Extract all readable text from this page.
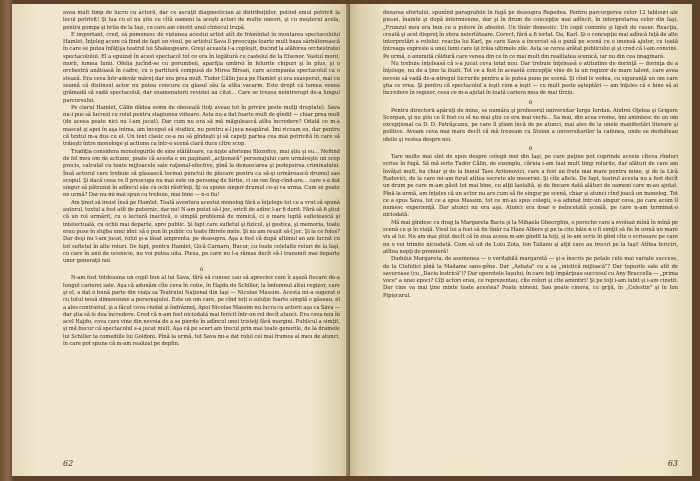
avea mult timp de lucru cu actorii, dar ce ascuţit diagnostician al distribuţiilor, putind emul potrivit la locul potrivit! Şi lua cu el nu ştiu cu cîtă oameni la aceşti actori de multe uneori, şi cu meşterul acela, pentru pompa şi brila de la Iaşi, cu care am cinstit unul cîntecul trupă.

E important, cred, să pomenesc de viziunea acestui artist atît de frămîntat în montarea spectacolului Hamlet. Înţeleg acum că fiind de fapt un visul, pe artistul Sava îl preocupa foarte mult baza sărbătorească în care se putea înfăţişa teatrul lui Shakespeare. Greşi aceasta l-a copleşit, ducind la alăbirea orchestratei spectacolului. El a epuizat în acest spectacol tot ce era în legătură cu castelul de la Elsenor. Vastul morii, morii, lumea Iunii. Ofelia jucînd-se cu porumbeii, apariţia umbrei în felurite chipuri şi în plus, şi o orchestră anătoasă în cadre, cu o partitură compusă de Mirea Bîrsan, care acompania spectacolul ca o stează. Era ceva într-adevăr măreţ dar era prea mult. Tudor Călin juca pe Hamlet şi era exasperat, mai cu seamă că distinsul actor nu putea concura cu glasul său la atîta vacarm. Este drept că lumea venea grămadă să vadă spectacolul, dar examenatorii reviziei au citat... Care se trezea neîntrerupt de-a lungul parcursului.

Pe clarul Hamlet, Călin dădea semn de oboseală (toţi aveau tot în privire peste mulţi dreptate). Sava nu-i pus să lucrezi cu rolul pentru stagiunea viitoare. Asta nu-a dat foarte mult de gîndit — chiar prea mult (de aceea poate nici nu l-am jucat). Dar cum nu era să mă măgulească atîta încredere? Odată ce m-a mascat şi apoi în aşa inima, am început să studiez, nu pentru a-l juca neapărat. Îmi ricoam eu, dar pentru că textul m-a dus cu el. Un text clasic ce-a nu să gîndeşti şi să capeţi partea cea mai potrivită în care să trăieşti între monologe şi actiune ca într-o scenă clară duce cître scop.

Tradiţia considera monologurile de sine stătătoare, ca nişte aforisme filozofice, mai ştiu şi eu... Nefiind de fel meu om de actiune, poate că acesta e un paşinant „acţionară" personajului care urmăreşte un scop precis, calculat cu toate mijloacele sale raţional-efective, pînă la demascarea şi pedepsirea criminalului. Însă actorul care trebuie să găsească tocmai punctul de plecare pentru ca să-şi urmărească drumul sau scopul. Şi dacă ceea ce îl preocupa nu mai este un personaj de hîrtie, ci un om lîng-cînd-are... care s-a dat singur să pătrunzi în adîncul său cu ochi răsfrînţi, îţi va spune singur drumul ce-şi va urma. Cum se poate ne urmă? Dar nu-mi mai spun cu trebuie, mai bine — n-o fiu!

Am ţinut să insist însă pe Hamlet. Toată aventura acestui monolog fără a înţelege tot ce a vrut să spună autorul, textul a fost atît de puternic, dar nu! N-am putut să-l joc, oricît de adînc l-ar fi dorit. Fără să fi ştiut că un rol urmărit, cu o lectură inactivă, o simplă problemă de mimică, ci o mare luptă sufletească şi intelectuală, cu ochii mai departe, spre public. Şi fapt care sufletul şi fizicul, şi gestica, şi memoria, toate erau puse în slujba unei idei: să o pun în public cu toate fibrele mele. Şi nu am reuşit să-l joc. Şi la ce folos? Dar deşi nu l-am jucat, rolul şi-a lăsat amprenta: pe deasupra. Aşa a fost că după ultimul an am lucrat cu tot sufletul în alte roluri. De fapt, pentru Hamlet, Gică Carnaru, Bucur, cu toate celelalte roluri de la Iaşi, cu care în anii de ucenicie, nu voi putea uita. Piesa, pe care nu l-a rămas decît să-l transmit mai departe unor generaţii noi.

o

N-am fost totdeauna un copil bun al lui Sava, fără să cunosc sau să apreciez cum îi aşază fiecare de-a lungul carierei sale. Aşa că adunăm cîte ceva în cutie, în Hajdu de Schiller, la îndemnul altui regizor, care şi el, a dat o bună parte din viaţa sa Teatrului Naţional din Iaşi — Nicolae Massim. Acesta mi-a sugerat o cu totul nouă dimensiune a personajului. Este un om care, pe cînd toţi o soluţie foarte simplă o găseau, el a ales contrariul, şi a făcut ceva ciudat şi îndrăzneţ. Apoi Nicolae Massim nu lucra cu actorii aşa ca Sava — dar ştia să le dea încredere. Cred că n-am fost niciodată mai fericit într-un rol decît atunci. Era ceva nou în acel Hajdu, ceva care vine din nevoia de a se pierde în adîncul unei tristeţi fără margini. Publicul a simţit, şi mă bucur că spectacolul s-a jucat mult. Aşa că pe scurt am trecut prin mai toate genurile, de la dramele lui Schiller la comediile lui Goldoni. Pînă la urmă, tot Sava mi-a dat rolul cel mai frumos al meu de atunci, în care pot spune că m-am realizat pe deplin.

62

dezarea efortului, spunînd paragrafele în fugă pe deasupra Repedea. Pentru parcurgerea celor 12 tablouri ale piesei, înainte şi după intermisiune, dar şi în drum de concepţie mai adîncit, în interpretarea celor din Iaşi. „Frunzul meu era bun cu o putere în absolut. Un tînăr domestic. Un copil cuminte şi lipsit de cusur. Reacţia, creată şi acel dispreţ în sfera neiertătoare. Corect, fără a fi iertat. Da, Karl. Şi o concepţie mai adîncă faţă de alte interpretări a rolului: reacţia lui Karl, pe care Sava a încercat să o pună pe scenă cu o imensă ajutor, cu toată întreaga expresie a unei lumi care îşi trăia ultimele zile. Asta se cerea arătat publicului şi şi cred că l-am convins. Pe urmă, o anumită căldură care venea din ce în ce mai mult din realitatea scenică, iar nu din cea imaginară.

Nu trebuie înţeleasă că s-a jucat ceva total nou. Dar trebuie înţeleasă o atitudine de dorinţă — dorinţa de a înţelege, nu de a ţine la iluzii. Tot ce a fost în această concepţie vine de la un regizor de mare talent, care avea nevoie să vadă de-a-ntregul lucrurile pentru a le putea pune pe scenă. Şi cînd le vedea, cu siguranţă un om care ştia ce vrea. Şi pentru că spectacolul a ieşit cum a ieşit — cu mult peste aşteptări — am înţeles că e bine să ai încredere în regizor, ceea ce m-a ajutat în toată cariera mea de mai tîrziu.

o

Pentru directorii apăruţi de mine, se număra şi profesorul universitar Iorgu Iordan. Andrei Oţetea şi Grigore Scorpan, şi nu ştiu ce îl fost cu el nu mai ştiu ce era mai vechi... Sa mai, din acea vreme, îmi amintesc de un om excepţional ca D. D. Patrăşcanu, pe care îl ştiam încă de pe atunci, mai ales de la unele manifestări literare şi politice. Aveam ceva mai mare decît că mă trezeam cu Stoian a universitarilor la cafenea, unde se dezbăteau ideile şi vestea despre noi.

o

Tare multe mai sînt de spus despre colegii mei din Iaşi, pe care puţine pot cuprinde aceste cîteva rînduri scrise în fugă. Să mă ierte Tudor Călin, de exemplu, căruia i-am luat mult timp rolurile, dar alături de care am învăţat mult, ba chiar şi de la bunul Tase Aritonovici, care a fost un frate mai mare pentru mine, şi de la Lică Radovici, de la care mi-am furat atîtea secrete ale meseriei. Şi cîte altele. De fapt, teatrul acesta nu a fost decît un drum pe care m-am găsit tot mai bine, cu alţii laolaltă, şi de fiecare dată alături de oameni care m-au ajutat. Pînă la urmă, am înţeles că un actor nu are cum să fie singur pe scenă, chiar şi atunci cînd joacă un monolog. Tot ce a spus Sava, tot ce a spus Massim, tot ce mi-au spus colegii, s-a adunat într-un singur ceva, pe care acum îl numesc experienţă. Dar atunci nu era aşa. Atunci era doar o neîncetată şcoală, pe care n-am terminat-o niciodată.

Mă mai gîndesc cu drag la Margareta Baciu şi la Mihaela Gheorghiu, o pereche care a evoluat mînă în mînă pe scenă cu şi în viaţă. Visul lui a fost să fie tînăr ca Hans Albers şi pe la cite băie-n o fi simţit să fie în urmă un mare vis al lui. Nu am mai ştiut decît că în ziua aceea m-am gîndit la toţi, şi le-am scris în gînd cîte o scrisoare pe care nu o voi trimite niciodată. Cum să uit de Lulu Zota, Ion Talianu şi alţii care au trecut pe la Iaşi! Atîtea fericiri, atîtea nopţi de premieră!

Dudului Margareta, de asemenea — o veritabilă margaretă — şi-a înscris pe petale cele mai variate succese, de la Ciufulici pînă la Madame sans-gêne. Dar „Ashata" cu a sa „mistică mijloacă"? Dar topurile sale atît de savuroase (cu „Dacia lestrică")? Dar operetele Iaşului, în care toţi împărţeau succesul cu Any Braccella — „prima voce" a unei epoci? Cîţi actori erau, ce reprezentau, cîte roluri şi cîte amintiri! Şi pe toţi i-am iubit şi i-am cinstit. Dar cine va mai ţine minte toate acestea? Poate nimeni. Sau poate cineva, cu grijă, în „Celestin" şi în Ion Pipişcarul.

63
